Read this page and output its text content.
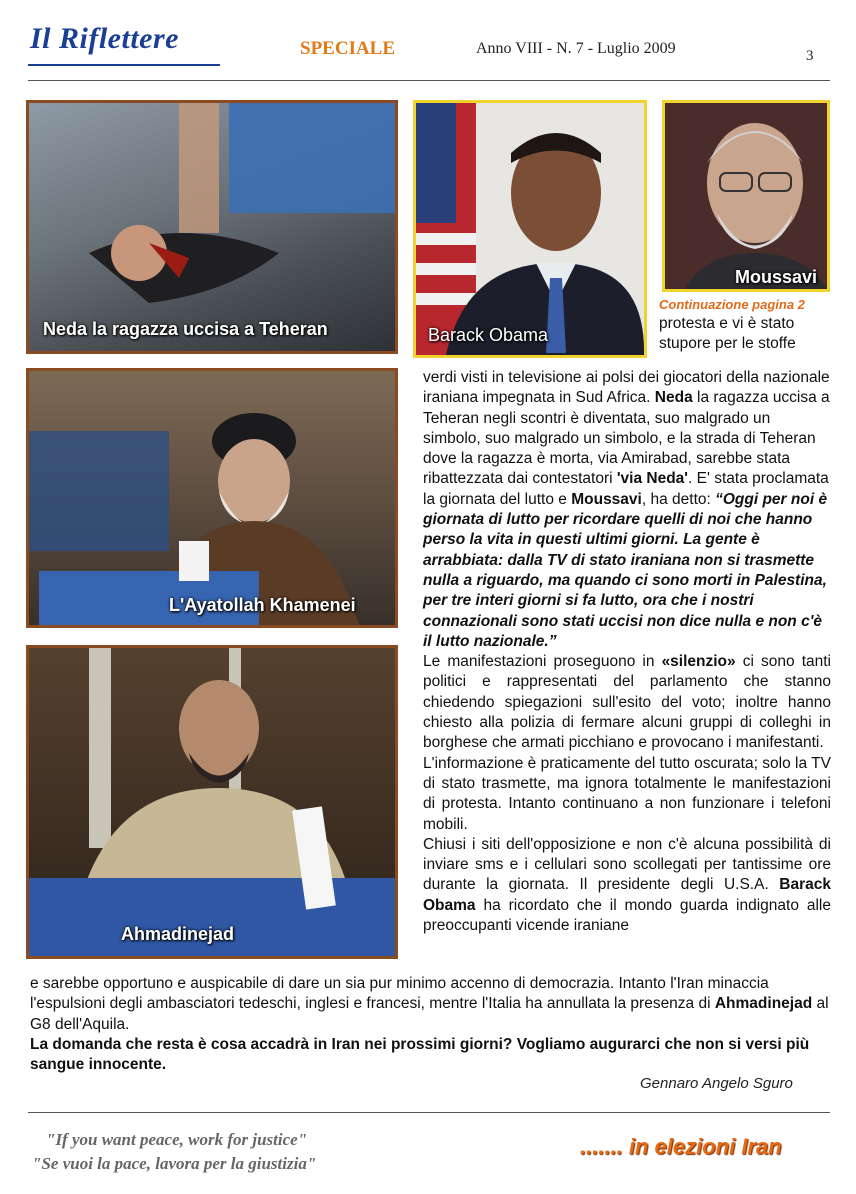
Il Riflettere	SPECIALE	Anno VIII - N. 7 - Luglio 2009	3
Neda la ragazza uccisa a Teheran	Barack Obama
Moussavi
L'Ayatollah Khamenei
Ahmadinejad
Continuazione pagina 2
protesta e vi è stato
stupore per le stoffe

verdi visti in televisione ai polsi dei giocatori della nazionale iraniana impegnata in Sud Africa. Neda la ragazza uccisa a Teheran negli scontri è diventata, suo malgrado un simbolo, suo malgrado un simbolo, e la strada di Teheran dove la ragazza è morta, via Amirabad, sarebbe stata ribattezzata dai contestatori 'via Neda'. E' stata proclamata la giornata del lutto e Moussavi, ha detto: “Oggi per noi è giornata di lutto per ricordare quelli di noi che hanno perso la vita in questi ultimi giorni. La gente è arrabbiata: dalla TV di stato iraniana non si trasmette nulla a riguardo, ma quando ci sono morti in Palestina, per tre interi giorni si fa lutto, ora che i nostri connazionali sono stati uccisi non dice nulla e non c'è il lutto nazionale.”

Le manifestazioni proseguono in «silenzio» ci sono tanti politici e rappresentati del parlamento che stanno chiedendo spiegazioni sull'esito del voto; inoltre hanno chiesto alla polizia di fermare alcuni gruppi di colleghi in borghese che armati picchiano e provocano i manifestanti.

L'informazione è praticamente del tutto oscurata; solo la TV di stato trasmette, ma ignora totalmente le manifestazioni di protesta. Intanto continuano a non funzionare i telefoni mobili.

Chiusi i siti dell'opposizione e non c'è alcuna possibilità di inviare sms e i cellulari sono scollegati per tantissime ore durante la giornata. Il presidente degli U.S.A. Barack Obama ha ricordato che il mondo guarda indignato alle preoccupanti vicende iraniane

e sarebbe opportuno e auspicabile di dare un sia pur minimo accenno di democrazia. Intanto l'Iran minaccia l'espulsioni degli ambasciatori tedeschi, inglesi e francesi, mentre l'Italia ha annullata la presenza di Ahmadinejad al G8 dell'Aquila.

La domanda che resta è cosa accadrà in Iran nei prossimi giorni? Vogliamo augurarci che non si versi più sangue innocente.

Gennaro Angelo Sguro
"If you want peace, work for justice"
"Se vuoi la pace, lavora per la giustizia"
....... in elezioni Iran
